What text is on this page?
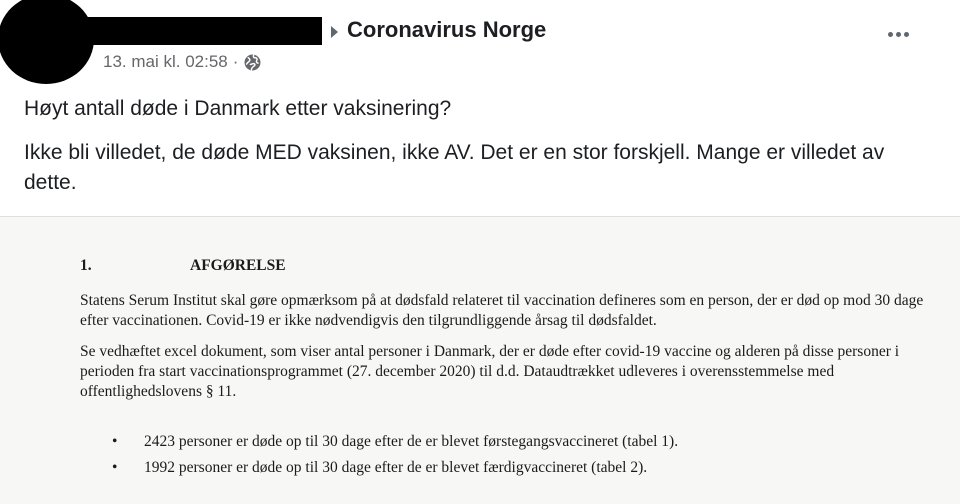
Coronavirus Norge
13. mai kl. 02:58 ·

Høyt antall døde i Danmark etter vaksinering?

Ikke bli villedet, de døde MED vaksinen, ikke AV. Det er en stor forskjell. Mange er villedet av dette.

1.	AFGØRELSE
Statens Serum Institut skal gøre opmærksom på at dødsfald relateret til vaccination defineres som en person, der er død op mod 30 dage efter vaccinationen. Covid-19 er ikke nødvendigvis den tilgrundliggende årsag til dødsfaldet.
Se vedhæftet excel dokument, som viser antal personer i Danmark, der er døde efter covid-19 vaccine og alderen på disse personer i perioden fra start vaccinationsprogrammet (27. december 2020) til d.d. Dataudtrækket udleveres i overensstemmelse med offentlighedslovens § 11.
• 2423 personer er døde op til 30 dage efter de er blevet førstegangsvaccineret (tabel 1).
• 1992 personer er døde op til 30 dage efter de er blevet færdigvaccineret (tabel 2).
